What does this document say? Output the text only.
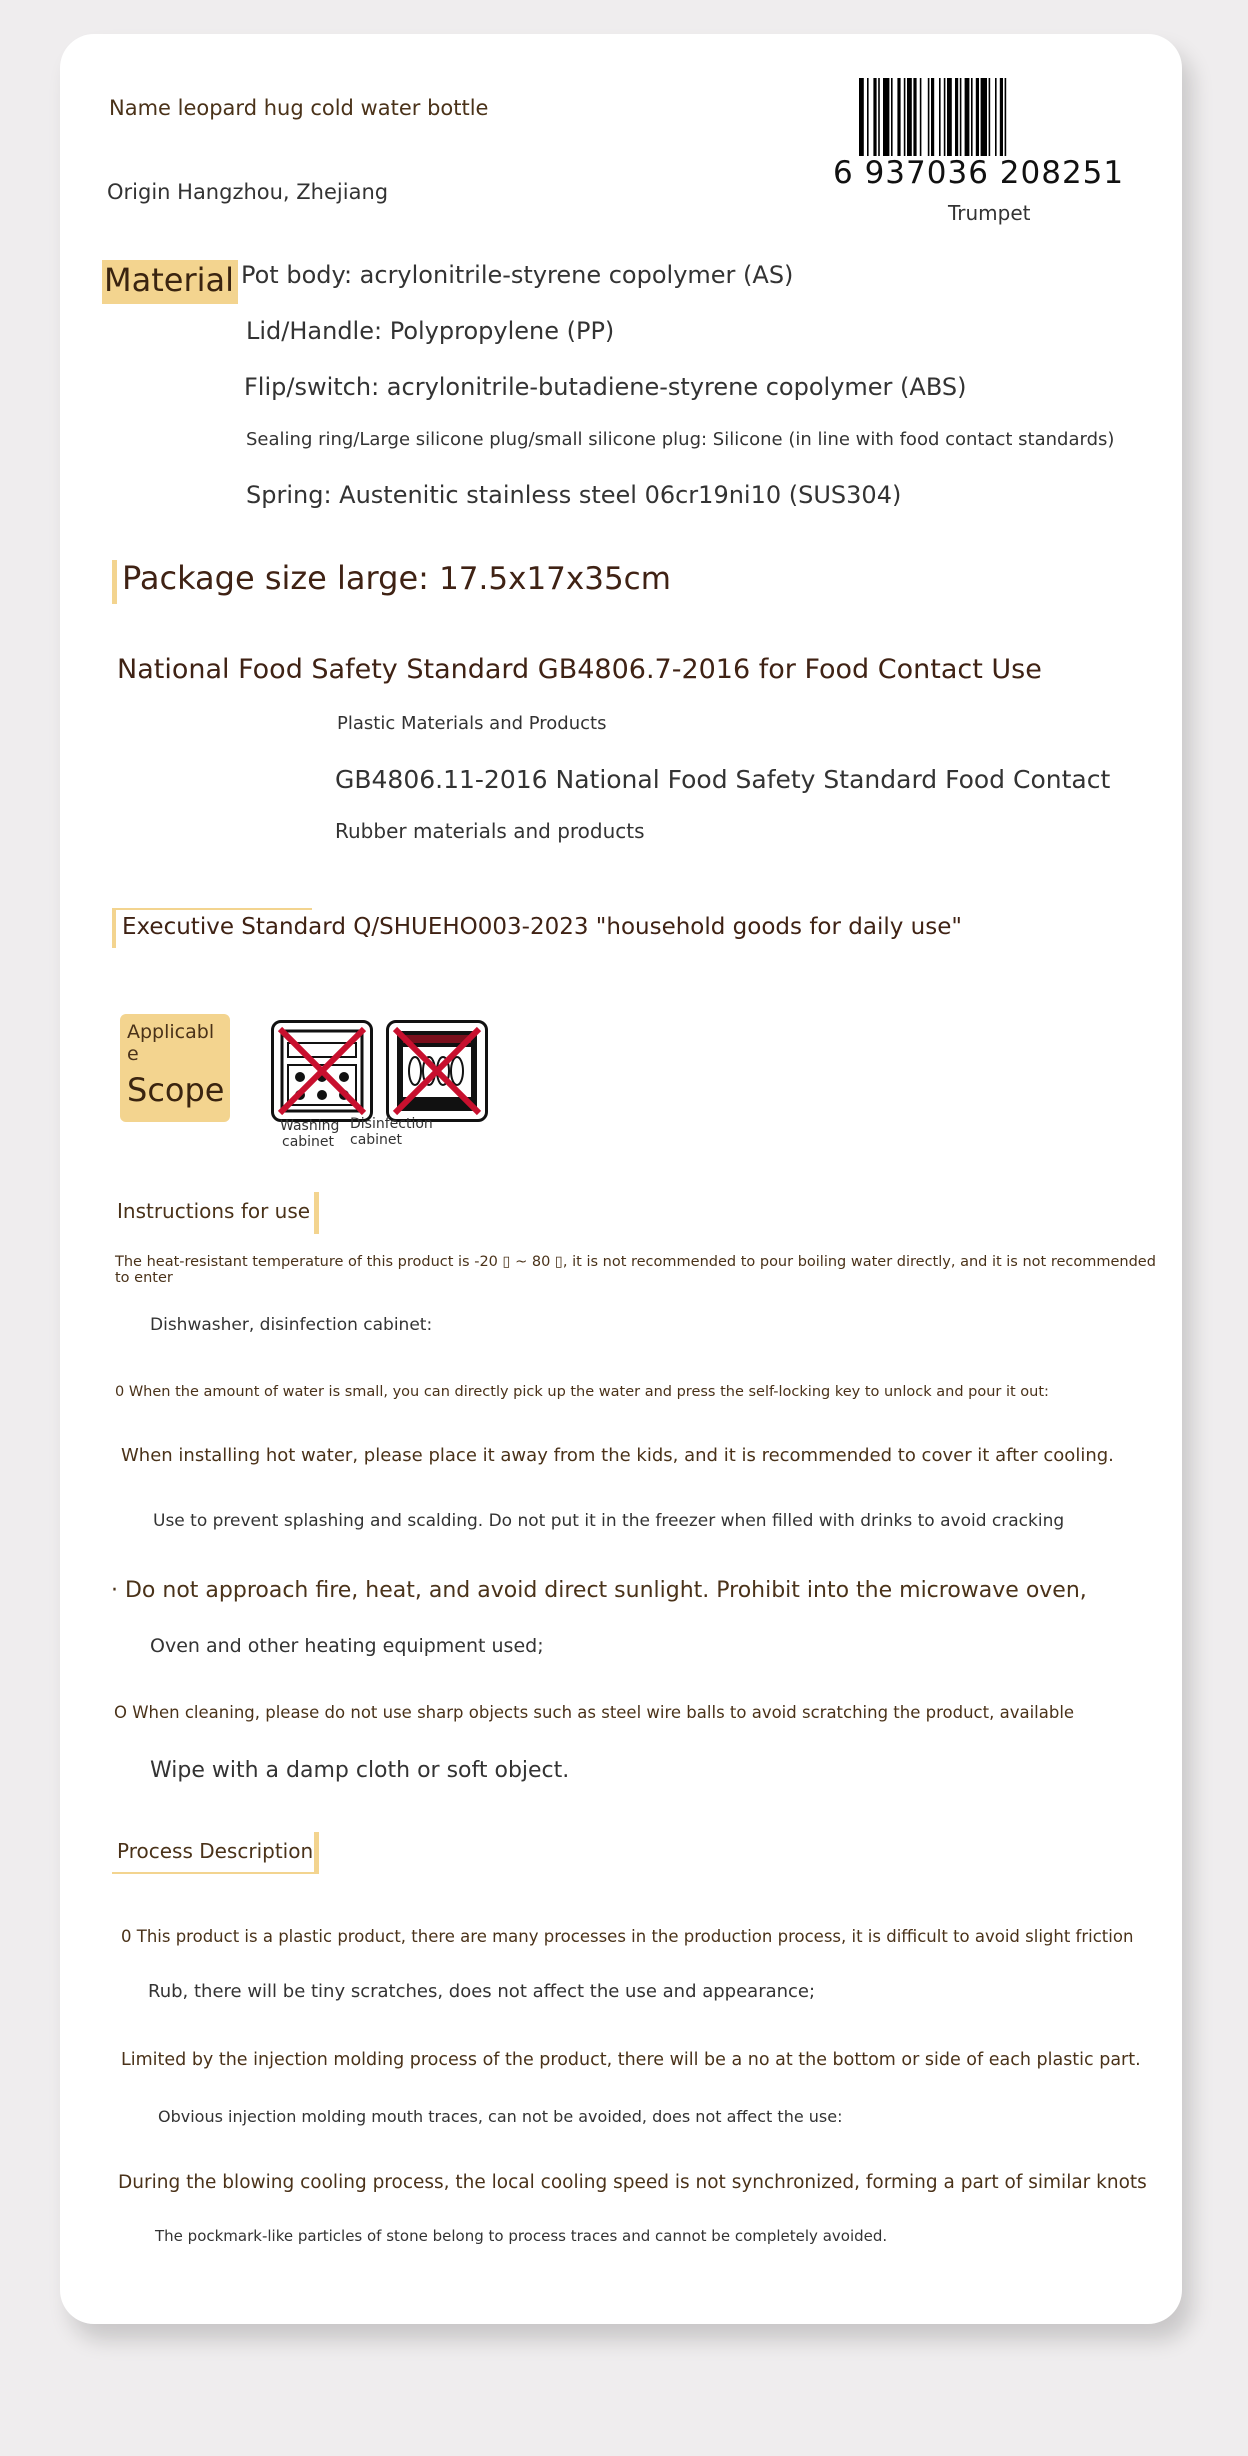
Name leopard hug cold water bottle
Origin Hangzhou, Zhejiang
6 937036 208251
Trumpet
Material Pot body: acrylonitrile-styrene copolymer (AS)
Lid/Handle: Polypropylene (PP)
Flip/switch: acrylonitrile-butadiene-styrene copolymer (ABS)
Sealing ring/Large silicone plug/small silicone plug: Silicone (in line with food contact standards)
Spring: Austenitic stainless steel 06cr19ni10 (SUS304)
Package size large: 17.5x17x35cm
National Food Safety Standard GB4806.7-2016 for Food Contact Use
Plastic Materials and Products
GB4806.11-2016 National Food Safety Standard Food Contact
Rubber materials and products
Executive Standard Q/SHUEHO003-2023 "household goods for daily use"
Applicabl
e
Scope
Washing
cabinet
Disinfection
cabinet
Instructions for use
The heat-resistant temperature of this product is -20 ▯ ~ 80 ▯, it is not recommended to pour boiling water directly, and it is not recommended
to enter
Dishwasher, disinfection cabinet:
0 When the amount of water is small, you can directly pick up the water and press the self-locking key to unlock and pour it out:
When installing hot water, please place it away from the kids, and it is recommended to cover it after cooling.
Use to prevent splashing and scalding. Do not put it in the freezer when filled with drinks to avoid cracking
· Do not approach fire, heat, and avoid direct sunlight. Prohibit into the microwave oven,
Oven and other heating equipment used;
O When cleaning, please do not use sharp objects such as steel wire balls to avoid scratching the product, available
Wipe with a damp cloth or soft object.
Process Description
0 This product is a plastic product, there are many processes in the production process, it is difficult to avoid slight friction
Rub, there will be tiny scratches, does not affect the use and appearance;
Limited by the injection molding process of the product, there will be a no at the bottom or side of each plastic part.
Obvious injection molding mouth traces, can not be avoided, does not affect the use:
During the blowing cooling process, the local cooling speed is not synchronized, forming a part of similar knots
The pockmark-like particles of stone belong to process traces and cannot be completely avoided.
